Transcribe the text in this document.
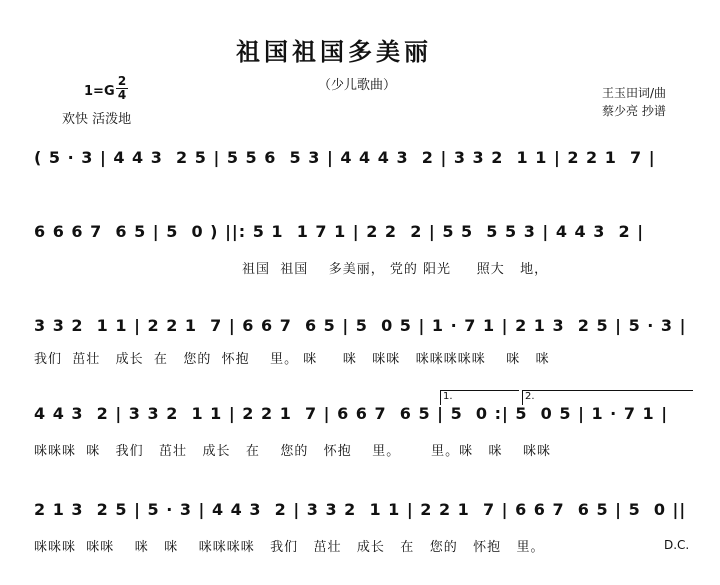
祖国祖国多美丽
（少儿歌曲）
1=G
2
4
欢快 活泼地
王玉田词/曲
蔡少亮 抄谱
( 5 · 3 | 4 4 3  2 5 | 5 5 6  5 3 | 4 4 4 3  2 | 3 3 2  1 1 | 2 2 1  7 |
6 6 6 7  6 5 | 5  0 ) ||: 5 1  1 7 1 | 2 2  2 | 5 5  5 5 3 | 4 4 3  2 |
祖国  祖国    多美丽， 党的 阳光     照大   地，
3 3 2  1 1 | 2 2 1  7 | 6 6 7  6 5 | 5  0 5 | 1 · 7 1 | 2 1 3  2 5 | 5 · 3 |
我们  茁壮   成长  在   您的  怀抱    里。 咪     咪   咪咪   咪咪咪咪咪    咪   咪
1.	2.
4 4 3  2 | 3 3 2  1 1 | 2 2 1  7 | 6 6 7  6 5 | 5  0 :| 5  0 5 | 1 · 7 1 |
咪咪咪  咪   我们   茁壮   成长   在    您的   怀抱    里。      里。咪   咪    咪咪
2 1 3  2 5 | 5 · 3 | 4 4 3  2 | 3 3 2  1 1 | 2 2 1  7 | 6 6 7  6 5 | 5  0 ||
咪咪咪  咪咪    咪   咪    咪咪咪咪   我们   茁壮   成长   在   您的   怀抱   里。	D.C.
